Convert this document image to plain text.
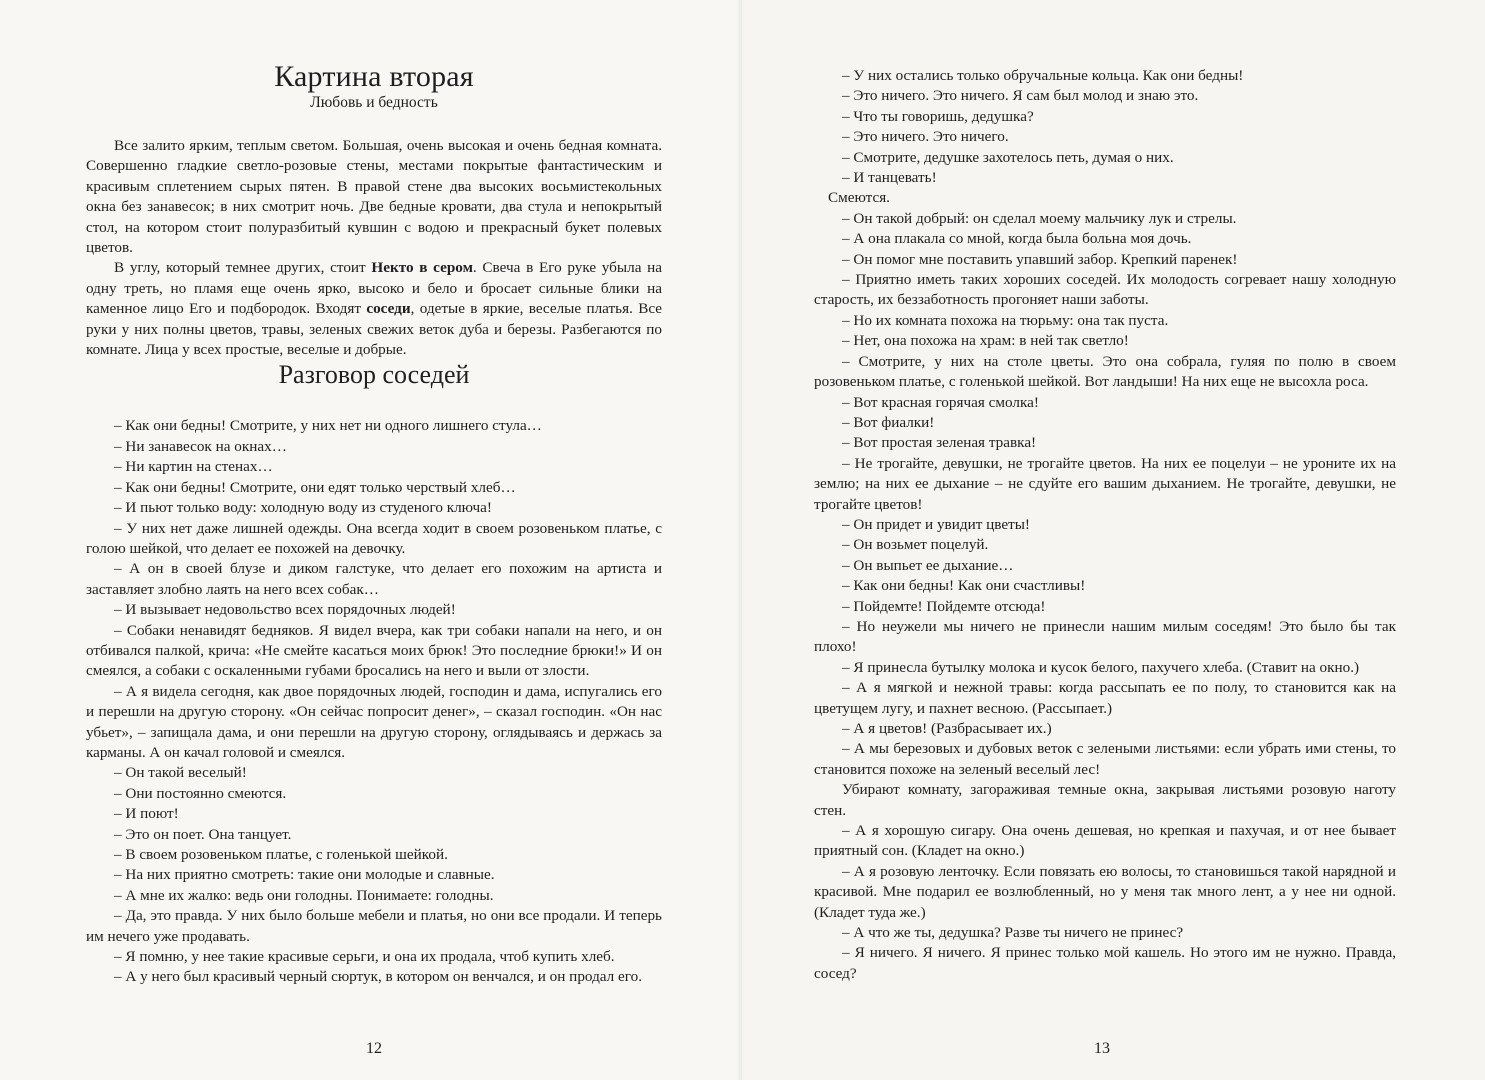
Картина вторая
Любовь и бедность

Все залито ярким, теплым светом. Большая, очень высокая и очень бедная комната. Совершенно гладкие светло-розовые стены, местами покрытые фантастическим и красивым сплетением сырых пятен. В правой стене два высоких восьмистекольных окна без занавесок; в них смотрит ночь. Две бедные кровати, два стула и непокрытый стол, на котором стоит полуразбитый кувшин с водою и прекрасный букет полевых цветов.

В углу, который темнее других, стоит Некто в сером. Свеча в Его руке убыла на одну треть, но пламя еще очень ярко, высоко и бело и бросает сильные блики на каменное лицо Его и подбородок. Входят соседи, одетые в яркие, веселые платья. Все руки у них полны цветов, травы, зеленых свежих веток дуба и березы. Разбегаются по комнате. Лица у всех простые, веселые и добрые.

Разговор соседей

– Как они бедны! Смотрите, у них нет ни одного лишнего стула…

– Ни занавесок на окнах…

– Ни картин на стенах…

– Как они бедны! Смотрите, они едят только черствый хлеб…

– И пьют только воду: холодную воду из студеного ключа!

– У них нет даже лишней одежды. Она всегда ходит в своем розовеньком платье, с голою шейкой, что делает ее похожей на девочку.

– А он в своей блузе и диком галстуке, что делает его похожим на артиста и заставляет злобно лаять на него всех собак…

– И вызывает недовольство всех порядочных людей!

– Собаки ненавидят бедняков. Я видел вчера, как три собаки напали на него, и он отбивался палкой, крича: «Не смейте касаться моих брюк! Это последние брюки!» И он смеялся, а собаки с оскаленными губами бросались на него и выли от злости.

– А я видела сегодня, как двое порядочных людей, господин и дама, испугались его и перешли на другую сторону. «Он сейчас попросит денег», – сказал господин. «Он нас убьет», – запищала дама, и они перешли на другую сторону, оглядываясь и держась за карманы. А он качал головой и смеялся.

– Он такой веселый!

– Они постоянно смеются.

– И поют!

– Это он поет. Она танцует.

– В своем розовеньком платье, с голенькой шейкой.

– На них приятно смотреть: такие они молодые и славные.

– А мне их жалко: ведь они голодны. Понимаете: голодны.

– Да, это правда. У них было больше мебели и платья, но они все продали. И теперь им нечего уже продавать.

– Я помню, у нее такие красивые серьги, и она их продала, чтоб купить хлеб.

– А у него был красивый черный сюртук, в котором он венчался, и он продал его.

12

– У них остались только обручальные кольца. Как они бедны!

– Это ничего. Это ничего. Я сам был молод и знаю это.

– Что ты говоришь, дедушка?

– Это ничего. Это ничего.

– Смотрите, дедушке захотелось петь, думая о них.

– И танцевать!

Смеются.

– Он такой добрый: он сделал моему мальчику лук и стрелы.

– А она плакала со мной, когда была больна моя дочь.

– Он помог мне поставить упавший забор. Крепкий паренек!

– Приятно иметь таких хороших соседей. Их молодость согревает нашу холодную старость, их беззаботность прогоняет наши заботы.

– Но их комната похожа на тюрьму: она так пуста.

– Нет, она похожа на храм: в ней так светло!

– Смотрите, у них на столе цветы. Это она собрала, гуляя по полю в своем розовеньком платье, с голенькой шейкой. Вот ландыши! На них еще не высохла роса.

– Вот красная горячая смолка!

– Вот фиалки!

– Вот простая зеленая травка!

– Не трогайте, девушки, не трогайте цветов. На них ее поцелуи – не уроните их на землю; на них ее дыхание – не сдуйте его вашим дыханием. Не трогайте, девушки, не трогайте цветов!

– Он придет и увидит цветы!

– Он возьмет поцелуй.

– Он выпьет ее дыхание…

– Как они бедны! Как они счастливы!

– Пойдемте! Пойдемте отсюда!

– Но неужели мы ничего не принесли нашим милым соседям! Это было бы так плохо!

– Я принесла бутылку молока и кусок белого, пахучего хлеба. (Ставит на окно.)

– А я мягкой и нежной травы: когда рассыпать ее по полу, то становится как на цветущем лугу, и пахнет весною. (Рассыпает.)

– А я цветов! (Разбрасывает их.)

– А мы березовых и дубовых веток с зелеными листьями: если убрать ими стены, то становится похоже на зеленый веселый лес!

Убирают комнату, загораживая темные окна, закрывая листьями розовую наготу стен.

– А я хорошую сигару. Она очень дешевая, но крепкая и пахучая, и от нее бывает приятный сон. (Кладет на окно.)

– А я розовую ленточку. Если повязать ею волосы, то становишься такой нарядной и красивой. Мне подарил ее возлюбленный, но у меня так много лент, а у нее ни одной. (Кладет туда же.)

– А что же ты, дедушка? Разве ты ничего не принес?

– Я ничего. Я ничего. Я принес только мой кашель. Но этого им не нужно. Правда, сосед?

13
